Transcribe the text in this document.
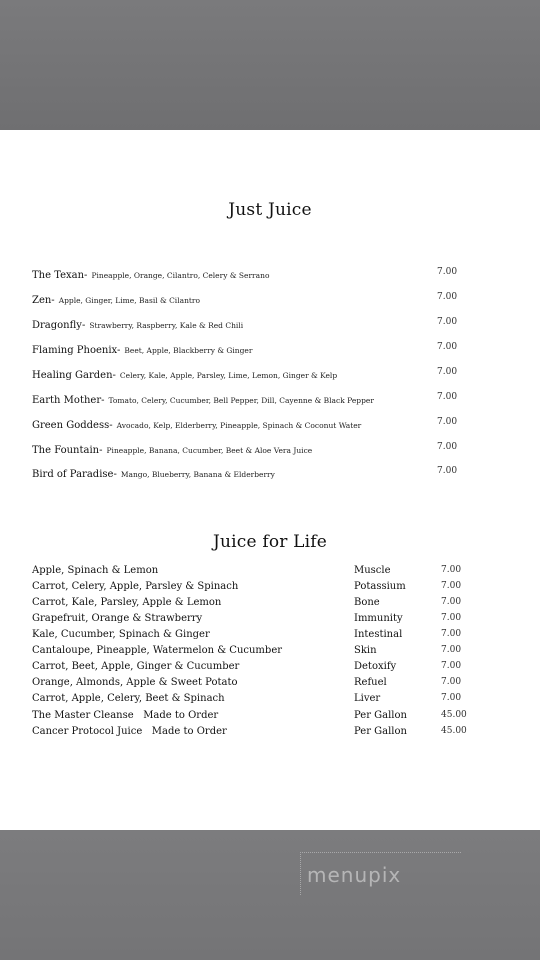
Just Juice
The Texan- Pineapple, Orange, Cilantro, Celery & Serrano	7.00
Zen- Apple, Ginger, Lime, Basil & Cilantro	7.00
Dragonfly- Strawberry, Raspberry, Kale & Red Chili	7.00
Flaming Phoenix- Beet, Apple, Blackberry & Ginger	7.00
Healing Garden- Celery, Kale, Apple, Parsley, Lime, Lemon, Ginger & Kelp	7.00
Earth Mother- Tomato, Celery, Cucumber, Bell Pepper, Dill, Cayenne & Black Pepper	7.00
Green Goddess- Avocado, Kelp, Elderberry, Pineapple, Spinach & Coconut Water	7.00
The Fountain- Pineapple, Banana, Cucumber, Beet & Aloe Vera Juice	7.00
Bird of Paradise- Mango, Blueberry, Banana & Elderberry	7.00
Juice for Life
Apple, Spinach & Lemon	Muscle	7.00
Carrot, Celery, Apple, Parsley & Spinach	Potassium	7.00
Carrot, Kale, Parsley, Apple & Lemon	Bone	7.00
Grapefruit, Orange & Strawberry	Immunity	7.00
Kale, Cucumber, Spinach & Ginger	Intestinal	7.00
Cantaloupe, Pineapple, Watermelon & Cucumber	Skin	7.00
Carrot, Beet, Apple, Ginger & Cucumber	Detoxify	7.00
Orange, Almonds, Apple & Sweet Potato	Refuel	7.00
Carrot, Apple, Celery, Beet & Spinach	Liver	7.00
The Master Cleanse   Made to Order	Per Gallon	45.00
Cancer Protocol Juice   Made to Order	Per Gallon	45.00
menupix
